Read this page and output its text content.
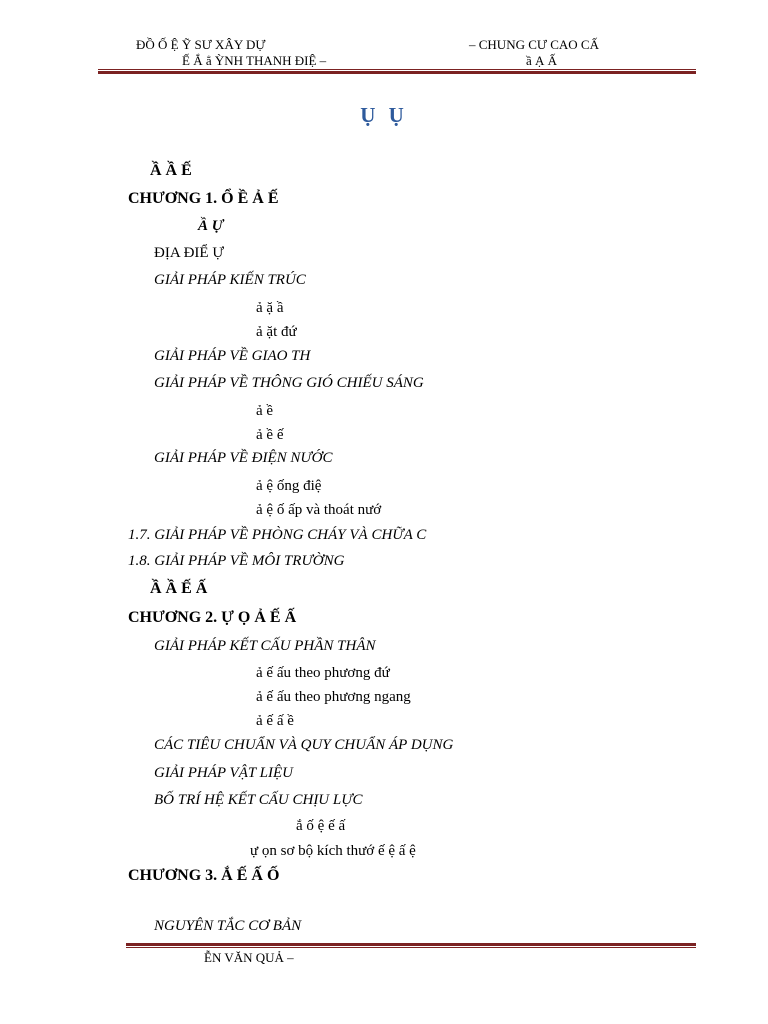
ĐỒ Ố Ệ Ỹ SƯ XÂY DỰ	– CHUNG CƯ CAO CẤ
Ế Ắ ẳ ỲNH THANH ĐIỆ –	ầ Ạ Ấ
Ụ Ụ
Ầ Ầ Ế
CHƯƠNG 1. Ổ Ề Ả Ế
Ầ Ự
ĐỊA ĐIỂ Ự
GIẢI PHÁP KIẾN TRÚC
ả ặ ầ
ả ặt đứ
GIẢI PHÁP VỀ GIAO TH
GIẢI PHÁP VỀ THÔNG GIÓ CHIẾU SÁNG
ả ề
ả ề ế
GIẢI PHÁP VỀ ĐIỆN NƯỚC
ả ệ ống điệ
ả ệ ố ấp và thoát nướ
1.7. GIẢI PHÁP VỀ PHÒNG CHÁY VÀ CHỮA C
1.8. GIẢI PHÁP VỀ MÔI TRƯỜNG
Ầ Ầ Ế Ấ
CHƯƠNG 2. Ự Ọ Ả Ế Ấ
GIẢI PHÁP KẾT CẤU PHẦN THÂN
ả ế ấu theo phương đứ
ả ế ấu theo phương ngang
ả ế ấ ề
CÁC TIÊU CHUẨN VÀ QUY CHUẨN ÁP DỤNG
GIẢI PHÁP VẬT LIỆU
BỐ TRÍ HỆ KẾT CẤU CHỊU LỰC
ắ ố ệ ế ấ
ự ọn sơ bộ kích thướ ế ệ ấ ệ
CHƯƠNG 3. Ắ Ế Ấ Ố
NGUYÊN TẮC CƠ BẢN
ỄN VĂN QUẢ –
